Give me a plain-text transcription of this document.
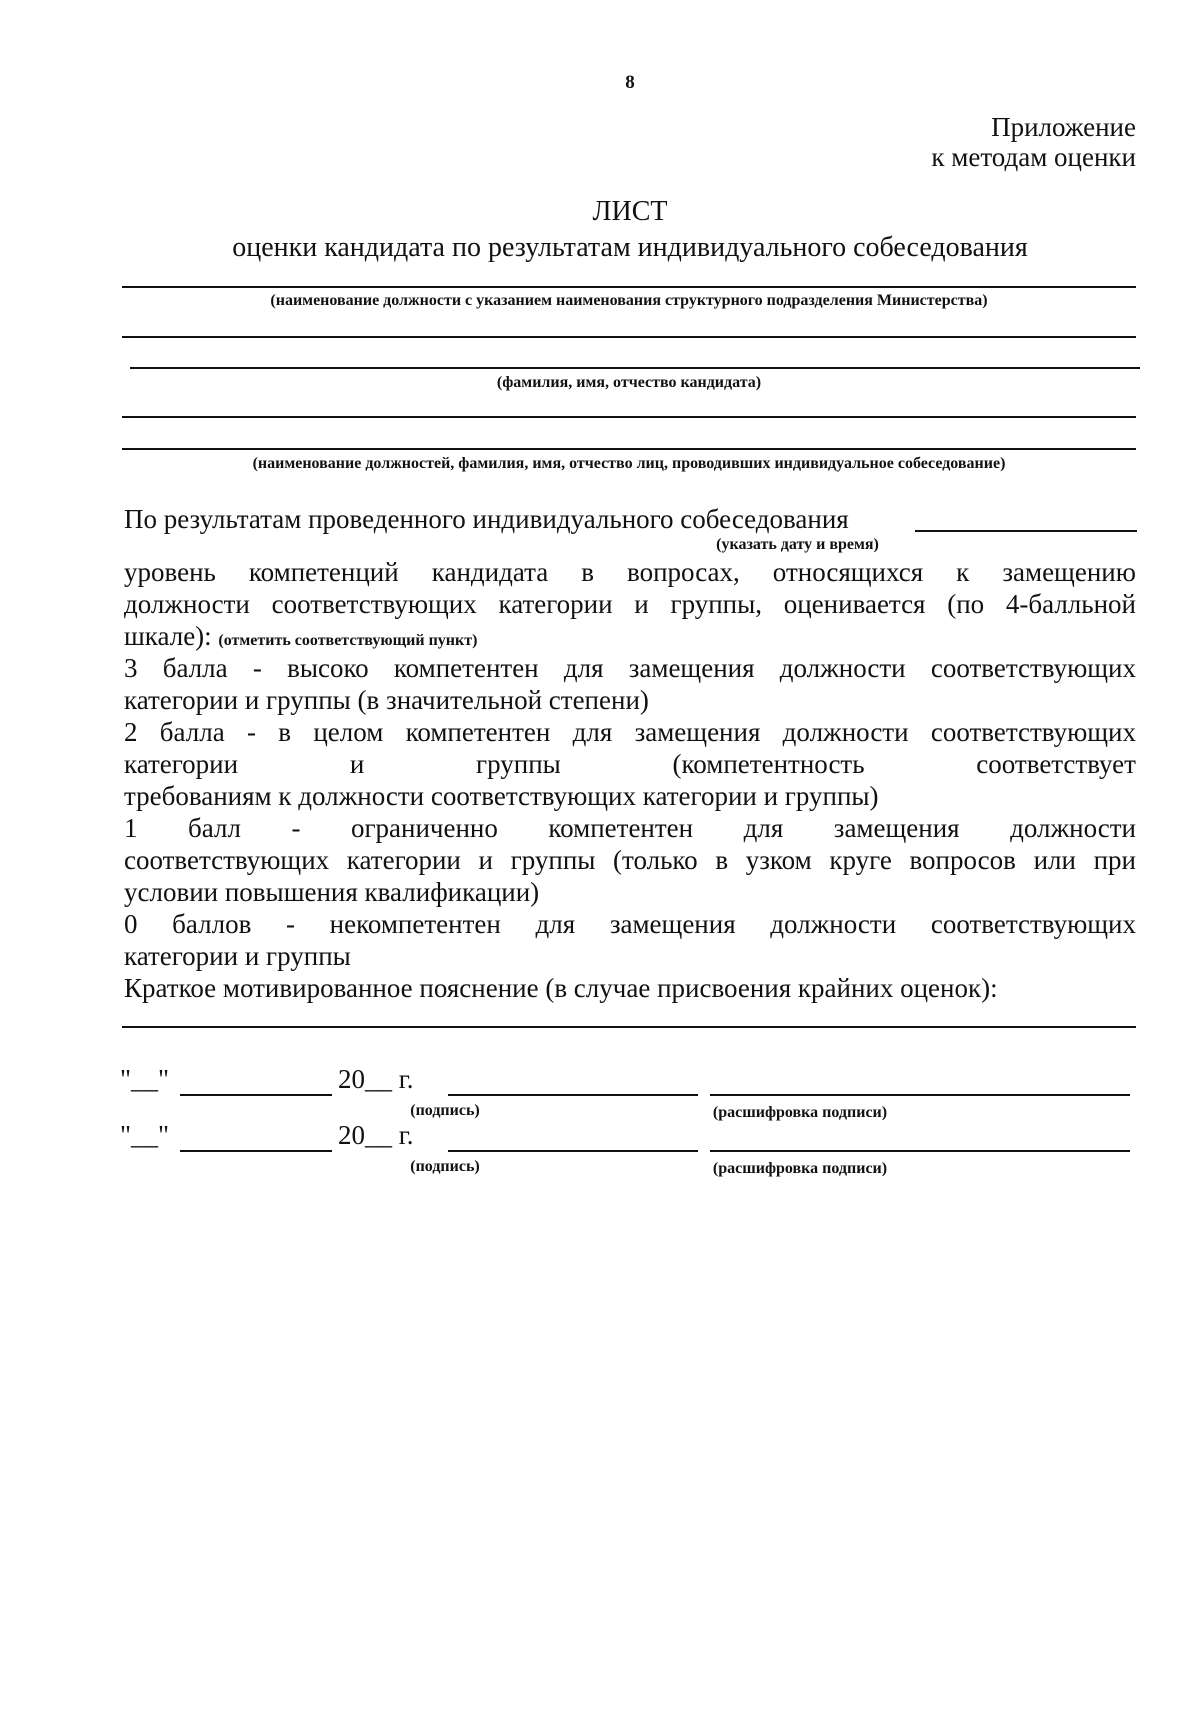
8
Приложение
к методам оценки
ЛИСТ
оценки кандидата по результатам индивидуального собеседования
(наименование должности с указанием наименования структурного подразделения Министерства)
(фамилия, имя, отчество кандидата)
(наименование должностей, фамилия, имя, отчество лиц, проводивших индивидуальное собеседование)
По результатам проведенного индивидуального собеседования
(указать дату и время)
уровень компетенций кандидата в вопросах, относящихся к замещению
должности соответствующих категории и группы, оценивается (по 4-балльной
шкале): (отметить соответствующий пункт)
3 балла - высоко компетентен для замещения должности соответствующих
категории и группы (в значительной степени)
2 балла - в целом компетентен для замещения должности соответствующих
категории	и	группы	(компетентность	соответствует
требованиям к должности соответствующих категории и группы)
1 балл - ограниченно компетентен для замещения должности
соответствующих категории и группы (только в узком круге вопросов или при
условии повышения квалификации)
0 баллов - некомпетентен для замещения должности соответствующих
категории и группы
Краткое мотивированное пояснение (в случае присвоения крайних оценок):
"__"	20__ г.
(подпись)	(расшифровка подписи)
"__"	20__ г.
(подпись)	(расшифровка подписи)
